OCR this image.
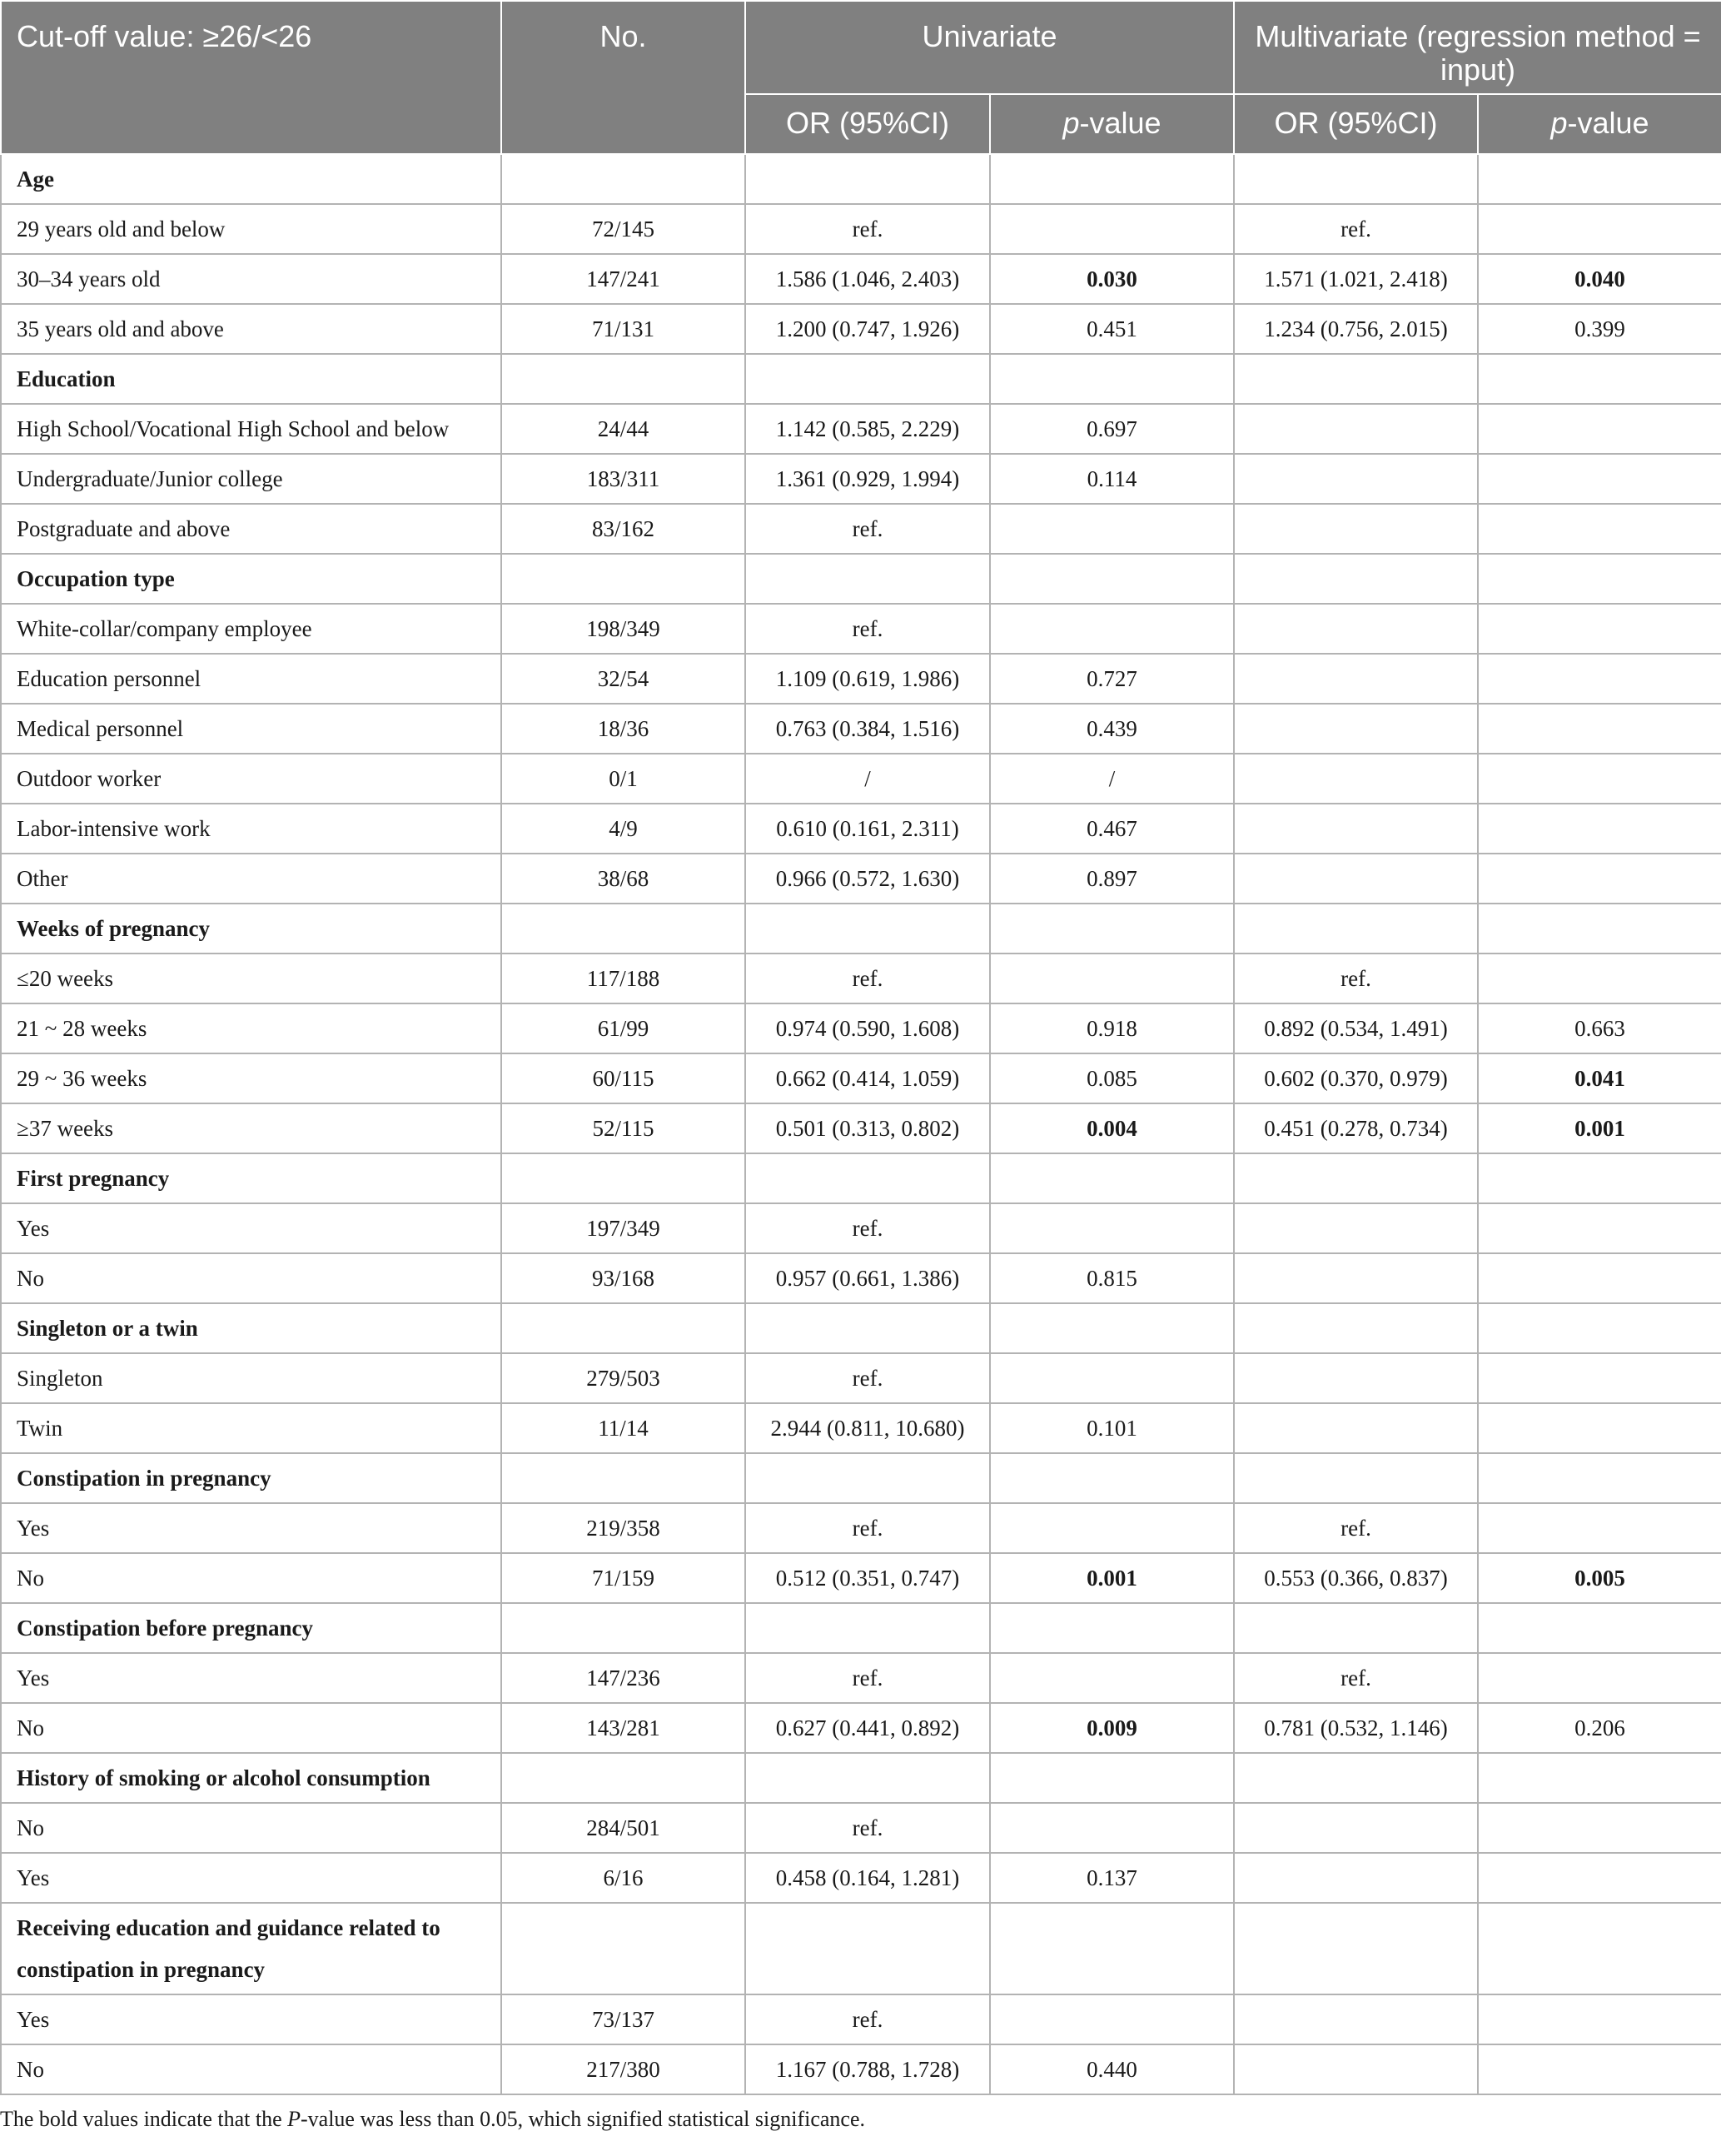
Cut-off value: ≥26/<26	No.	Univariate		Multivariate (regression method = input)	
		OR (95%CI)	p-value	OR (95%CI)	p-value
Age					
29 years old and below	72/145	ref.		ref.	
30–34 years old	147/241	1.586 (1.046, 2.403)	0.030	1.571 (1.021, 2.418)	0.040
35 years old and above	71/131	1.200 (0.747, 1.926)	0.451	1.234 (0.756, 2.015)	0.399
Education					
High School/Vocational High School and below	24/44	1.142 (0.585, 2.229)	0.697		
Undergraduate/Junior college	183/311	1.361 (0.929, 1.994)	0.114		
Postgraduate and above	83/162	ref.			
Occupation type					
White-collar/company employee	198/349	ref.			
Education personnel	32/54	1.109 (0.619, 1.986)	0.727		
Medical personnel	18/36	0.763 (0.384, 1.516)	0.439		
Outdoor worker	0/1	/	/		
Labor-intensive work	4/9	0.610 (0.161, 2.311)	0.467		
Other	38/68	0.966 (0.572, 1.630)	0.897		
Weeks of pregnancy					
≤20 weeks	117/188	ref.		ref.	
21 ~ 28 weeks	61/99	0.974 (0.590, 1.608)	0.918	0.892 (0.534, 1.491)	0.663
29 ~ 36 weeks	60/115	0.662 (0.414, 1.059)	0.085	0.602 (0.370, 0.979)	0.041
≥37 weeks	52/115	0.501 (0.313, 0.802)	0.004	0.451 (0.278, 0.734)	0.001
First pregnancy					
Yes	197/349	ref.			
No	93/168	0.957 (0.661, 1.386)	0.815		
Singleton or a twin					
Singleton	279/503	ref.			
Twin	11/14	2.944 (0.811, 10.680)	0.101		
Constipation in pregnancy					
Yes	219/358	ref.		ref.	
No	71/159	0.512 (0.351, 0.747)	0.001	0.553 (0.366, 0.837)	0.005
Constipation before pregnancy					
Yes	147/236	ref.		ref.	
No	143/281	0.627 (0.441, 0.892)	0.009	0.781 (0.532, 1.146)	0.206
History of smoking or alcohol consumption					
No	284/501	ref.			
Yes	6/16	0.458 (0.164, 1.281)	0.137		
Receiving education and guidance related to constipation in pregnancy					
Yes	73/137	ref.			
No	217/380	1.167 (0.788, 1.728)	0.440		
The bold values indicate that the P-value was less than 0.05, which signified statistical significance.
